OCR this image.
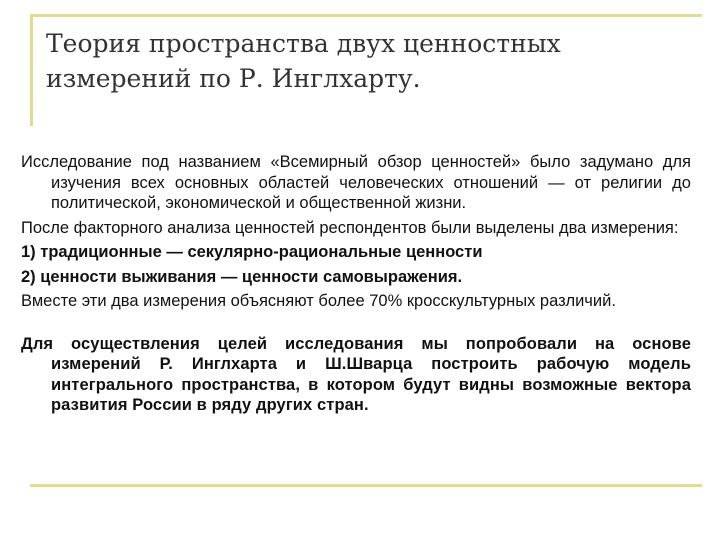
Теория пространства двух ценностных измерений по Р. Инглхарту.

Исследование под названием «Всемирный обзор ценностей» было задумано для изучения всех основных областей человеческих отношений — от религии до политической, экономической и общественной жизни.

После факторного анализа ценностей респондентов были выделены два измерения:

1) традиционные — секулярно-рациональные ценности

2) ценности выживания — ценности самовыражения.

Вместе эти два измерения объясняют более 70% кросскультурных различий.

Для осуществления целей исследования мы попробовали на основе измерений Р. Инглхарта и Ш.Шварца построить рабочую модель интегрального пространства, в котором будут видны возможные вектора развития России в ряду других стран.
